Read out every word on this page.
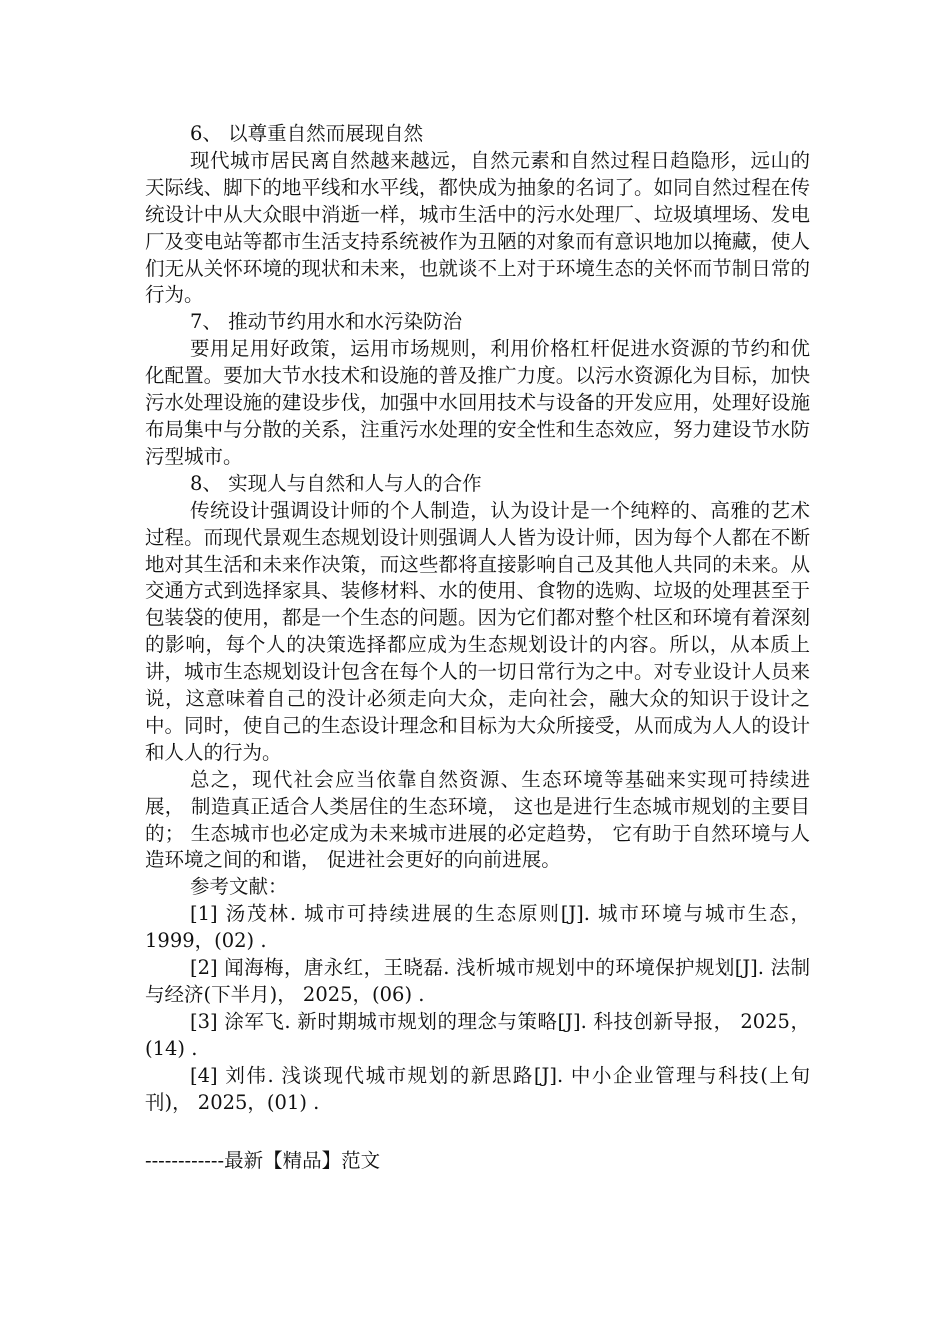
6、 以尊重自然而展现自然

现代城市居民离自然越来越远，自然元素和自然过程日趋隐形，远山的天际线、脚下的地平线和水平线，都快成为抽象的名词了。如同自然过程在传统设计中从大众眼中消逝一样，城市生活中的污水处理厂、垃圾填埋场、发电厂及变电站等都市生活支持系统被作为丑陋的对象而有意识地加以掩藏，使人们无从关怀环境的现状和未来，也就谈不上对于环境生态的关怀而节制日常的行为。

7、 推动节约用水和水污染防治

要用足用好政策，运用市场规则，利用价格杠杆促进水资源的节约和优化配置。要加大节水技术和设施的普及推广力度。以污水资源化为目标，加快污水处理设施的建设步伐，加强中水回用技术与设备的开发应用，处理好设施布局集中与分散的关系，注重污水处理的安全性和生态效应，努力建设节水防污型城市。

8、 实现人与自然和人与人的合作

传统设计强调设计师的个人制造，认为设计是一个纯粹的、高雅的艺术过程。而现代景观生态规划设计则强调人人皆为设计师，因为每个人都在不断地对其生活和未来作决策，而这些都将直接影响自己及其他人共同的未来。从交通方式到选择家具、装修材料、水的使用、食物的选购、垃圾的处理甚至于包装袋的使用，都是一个生态的问题。因为它们都对整个杜区和环境有着深刻的影响，每个人的决策选择都应成为生态规划设计的内容。所以，从本质上讲，城市生态规划设计包含在每个人的一切日常行为之中。对专业设计人员来说，这意味着自己的没计必须走向大众，走向社会，融大众的知识于设计之中。同时，使自己的生态设计理念和目标为大众所接受，从而成为人人的设计和人人的行为。

总之，现代社会应当依靠自然资源、生态环境等基础来实现可持续进展， 制造真正适合人类居住的生态环境， 这也是进行生态城市规划的主要目的； 生态城市也必定成为未来城市进展的必定趋势， 它有助于自然环境与人造环境之间的和谐， 促进社会更好的向前进展。

参考文献：

[1] 汤茂林. 城市可持续进展的生态原则[J]. 城市环境与城市生态， 1999，(02) .

[2] 闻海梅，唐永红，王晓磊. 浅析城市规划中的环境保护规划[J]. 法制与经济(下半月)， 2025，(06) .

[3] 涂军飞. 新时期城市规划的理念与策略[J]. 科技创新导报， 2025，(14) .

[4] 刘伟. 浅谈现代城市规划的新思路[J]. 中小企业管理与科技(上旬刊)， 2025，(01) .

------------最新【精品】范文
